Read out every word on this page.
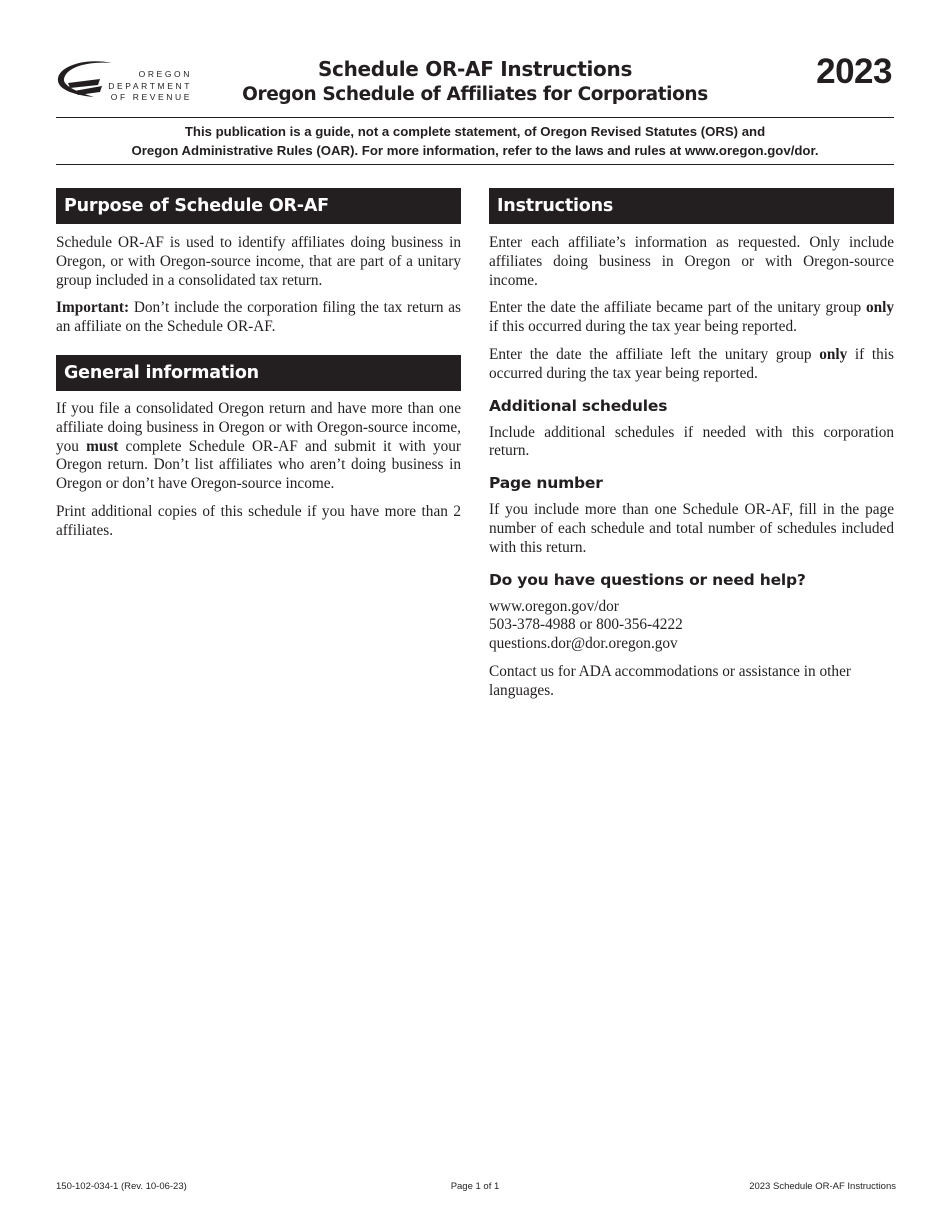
OREGON
DEPARTMENT
OF REVENUE
Schedule OR-AF Instructions
Oregon Schedule of Affiliates for Corporations
2023
This publication is a guide, not a complete statement, of Oregon Revised Statutes (ORS) and
Oregon Administrative Rules (OAR). For more information, refer to the laws and rules at www.oregon.gov/dor.
Purpose of Schedule OR-AF

Schedule OR-AF is used to identify affiliates doing business in Oregon, or with Oregon-source income, that are part of a unitary group included in a consolidated tax return.

Important: Don’t include the corporation filing the tax return as an affiliate on the Schedule OR-AF.

General information

If you file a consolidated Oregon return and have more than one affiliate doing business in Oregon or with Oregon-source income, you must complete Schedule OR-AF and submit it with your Oregon return. Don’t list affiliates who aren’t doing business in Oregon or don’t have Oregon-source income.

Print additional copies of this schedule if you have more than 2 affiliates.

Instructions

Enter each affiliate’s information as requested. Only include affiliates doing business in Oregon or with Oregon-source income.

Enter the date the affiliate became part of the unitary group only if this occurred during the tax year being reported.

Enter the date the affiliate left the unitary group only if this occurred during the tax year being reported.

Additional schedules

Include additional schedules if needed with this corporation return.

Page number

If you include more than one Schedule OR-AF, fill in the page number of each schedule and total number of schedules included with this return.

Do you have questions or need help?
www.oregon.gov/dor
503-378-4988 or 800-356-4222
questions.dor@dor.oregon.gov

Contact us for ADA accommodations or assistance in other languages.

150-102-034-1 (Rev. 10-06-23)	Page 1 of 1	2023 Schedule OR-AF Instructions
